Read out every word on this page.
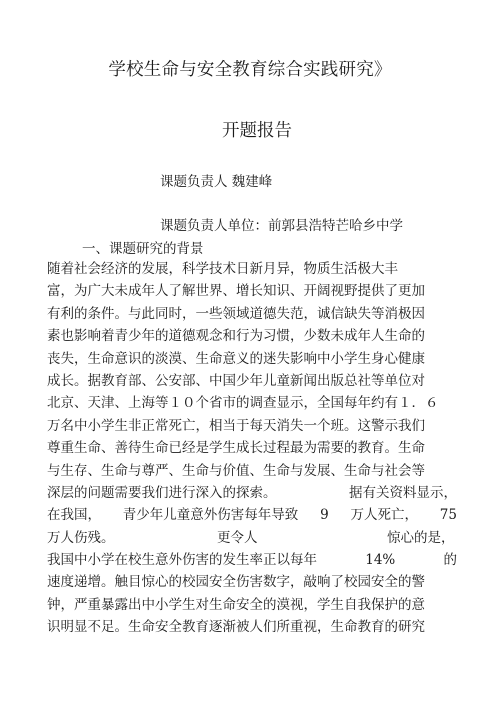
学校生命与安全教育综合实践研究》
开题报告
课题负责人 魏建峰
课题负责人单位：前郭县浩特芒哈乡中学
一、课题研究的背景
随着社会经济的发展，科学技术日新月异，物质生活极大丰
富，为广大未成年人了解世界、增长知识、开阔视野提供了更加
有利的条件。与此同时，一些领域道德失范，诚信缺失等消极因
素也影响着青少年的道德观念和行为习惯，少数未成年人生命的
丧失，生命意识的淡漠、生命意义的迷失影响中小学生身心健康
成长。据教育部、公安部、中国少年儿童新闻出版总社等单位对
北京、天津、上海等１０个省市的调查显示，全国每年约有１．６
万名中小学生非正常死亡，相当于每天消失一个班。这警示我们
尊重生命、善待生命已经是学生成长过程最为需要的教育。生命
与生存、生命与尊严、生命与价值、生命与发展、生命与社会等
深层的问题需要我们进行深入的探索。	据有关资料显示，
在我国， 青少年儿童意外伤害每年导致 9 万人死亡， 75
万人伤残。	更令人	惊心的是，
我国中小学在校生意外伤害的发生率正以每年	14%	的
速度递增。触目惊心的校园安全伤害数字，敲响了校园安全的警
钟，严重暴露出中小学生对生命安全的漠视，学生自我保护的意
识明显不足。生命安全教育逐渐被人们所重视，生命教育的研究
